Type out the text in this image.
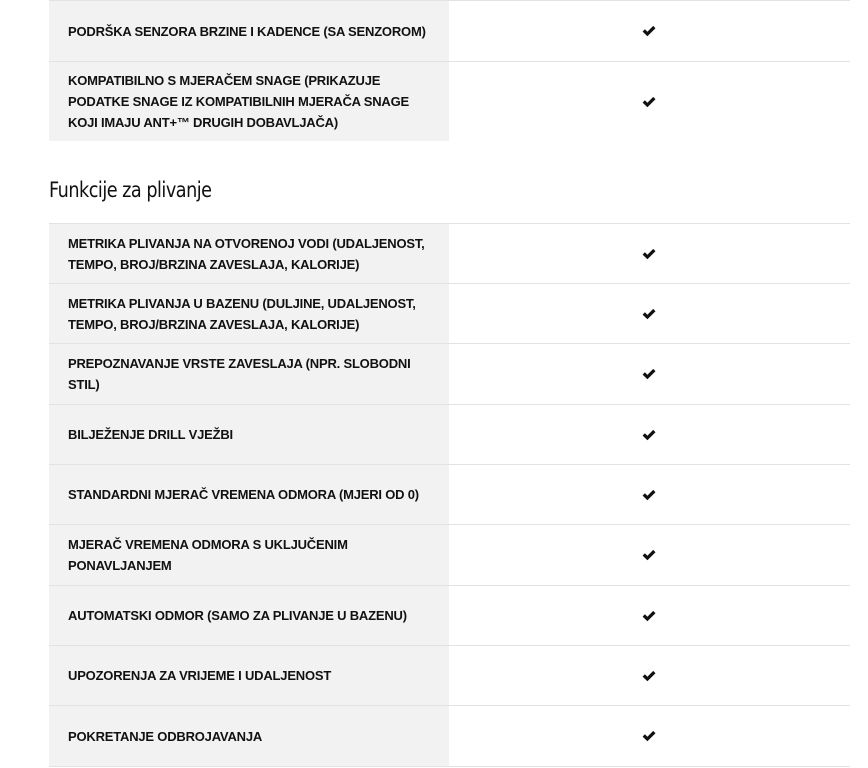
PODRŠKA SENZORA BRZINE I KADENCE (SA SENZOROM)
KOMPATIBILNO S MJERAČEM SNAGE (PRIKAZUJE PODATKE SNAGE IZ KOMPATIBILNIH MJERAČA SNAGE KOJI IMAJU ANT+™ DRUGIH DOBAVLJAČA)
Funkcije za plivanje
METRIKA PLIVANJA NA OTVORENOJ VODI (UDALJENOST, TEMPO, BROJ/BRZINA ZAVESLAJA, KALORIJE)
METRIKA PLIVANJA U BAZENU (DULJINE, UDALJENOST, TEMPO, BROJ/BRZINA ZAVESLAJA, KALORIJE)
PREPOZNAVANJE VRSTE ZAVESLAJA (NPR. SLOBODNI STIL)
BILJEŽENJE DRILL VJEŽBI
STANDARDNI MJERAČ VREMENA ODMORA (MJERI OD 0)
MJERAČ VREMENA ODMORA S UKLJUČENIM PONAVLJANJEM
AUTOMATSKI ODMOR (SAMO ZA PLIVANJE U BAZENU)
UPOZORENJA ZA VRIJEME I UDALJENOST
POKRETANJE ODBROJAVANJA
